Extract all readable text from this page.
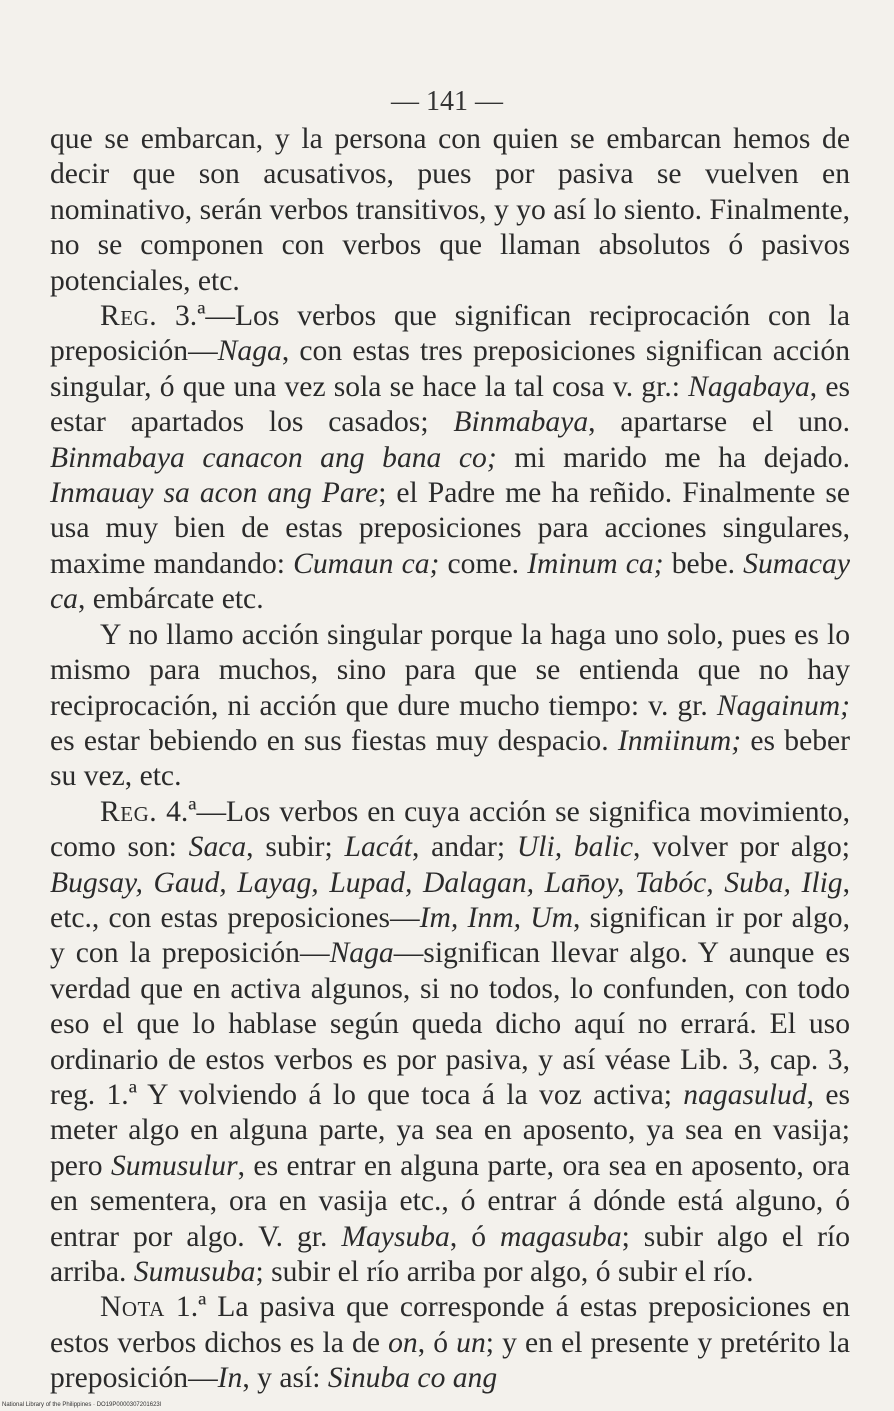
— 141 —

que se embarcan, y la persona con quien se embarcan hemos de decir que son acusativos, pues por pasiva se vuelven en nominativo, serán verbos transitivos, y yo así lo siento. Finalmente, no se componen con verbos que llaman absolutos ó pasivos potenciales, etc.

Reg. 3.ª—Los verbos que significan reciprocación con la preposición—Naga, con estas tres preposiciones significan acción singular, ó que una vez sola se hace la tal cosa v. gr.: Nagabaya, es estar apartados los casados; Binmabaya, apartarse el uno. Binmabaya canacon ang bana co; mi marido me ha dejado. Inmauay sa acon ang Pare; el Padre me ha reñido. Finalmente se usa muy bien de estas preposiciones para acciones singulares, maxime mandando: Cumaun ca; come. Iminum ca; bebe. Sumacay ca, embárcate etc.

Y no llamo acción singular porque la haga uno solo, pues es lo mismo para muchos, sino para que se entienda que no hay reciprocación, ni acción que dure mucho tiempo: v. gr. Nagainum; es estar bebiendo en sus fiestas muy despacio. Inmiinum; es beber su vez, etc.

Reg. 4.ª—Los verbos en cuya acción se significa movimiento, como son: Saca, subir; Lacát, andar; Uli, balic, volver por algo; Bugsay, Gaud, Layag, Lupad, Dalagan, Lan̄oy, Tabóc, Suba, Ilig, etc., con estas preposiciones—Im, Inm, Um, significan ir por algo, y con la preposición—Naga—significan llevar algo. Y aunque es verdad que en activa algunos, si no todos, lo confunden, con todo eso el que lo hablase según queda dicho aquí no errará. El uso ordinario de estos verbos es por pasiva, y así véase Lib. 3, cap. 3, reg. 1.ª Y volviendo á lo que toca á la voz activa; nagasulud, es meter algo en alguna parte, ya sea en aposento, ya sea en vasija; pero Sumusulur, es entrar en alguna parte, ora sea en aposento, ora en sementera, ora en vasija etc., ó entrar á dónde está alguno, ó entrar por algo. V. gr. Maysuba, ó magasuba; subir algo el río arriba. Sumusuba; subir el río arriba por algo, ó subir el río.

Nota 1.ª La pasiva que corresponde á estas preposiciones en estos verbos dichos es la de on, ó un; y en el presente y pretérito la preposición—In, y así: Sinuba co ang

National Library of the Philippines · DO19P0000307201623l
